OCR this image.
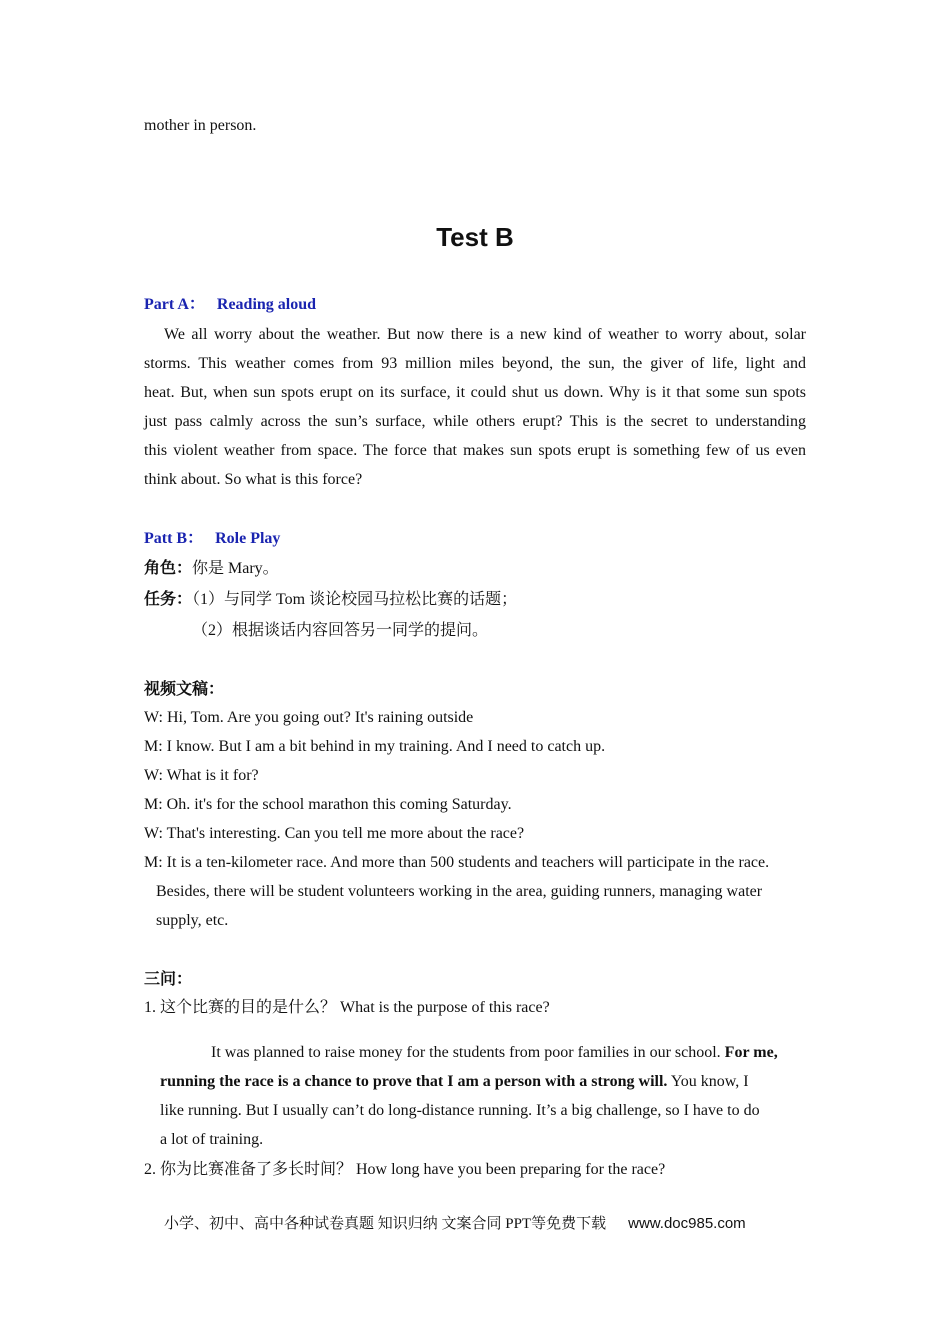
mother in person.
Test B
Part A： Reading aloud
We all worry about the weather. But now there is a new kind of weather to worry about, solar
storms. This weather comes from 93 million miles beyond, the sun, the giver of life, light and
heat. But, when sun spots erupt on its surface, it could shut us down. Why is it that some sun spots
just pass calmly across the sun’s surface, while others erupt? This is the secret to understanding
this violent weather from space. The force that makes sun spots erupt is something few of us even
think about. So what is this force?
Patt B： Role Play
角色：你是 Mary。
任务：（1）与同学 Tom 谈论校园马拉松比赛的话题；
（2）根据谈话内容回答另一同学的提问。
视频文稿：
W: Hi, Tom. Are you going out? It's raining outside
M: I know. But I am a bit behind in my training. And I need to catch up.
W: What is it for?
M: Oh. it's for the school marathon this coming Saturday.
W: That's interesting. Can you tell me more about the race?
M: It is a ten-kilometer race. And more than 500 students and teachers will participate in the race.
Besides, there will be student volunteers working in the area, guiding runners, managing water
supply, etc.
三问：
1. 这个比赛的目的是什么？ What is the purpose of this race?
It was planned to raise money for the students from poor families in our school. For me,
running the race is a chance to prove that I am a person with a strong will. You know, I
like running. But I usually can’t do long-distance running. It’s a big challenge, so I have to do
a lot of training.
2. 你为比赛准备了多长时间？ How long have you been preparing for the race?
小学、初中、高中各种试卷真题 知识归纳 文案合同 PPT等免费下载 www.doc985.com
